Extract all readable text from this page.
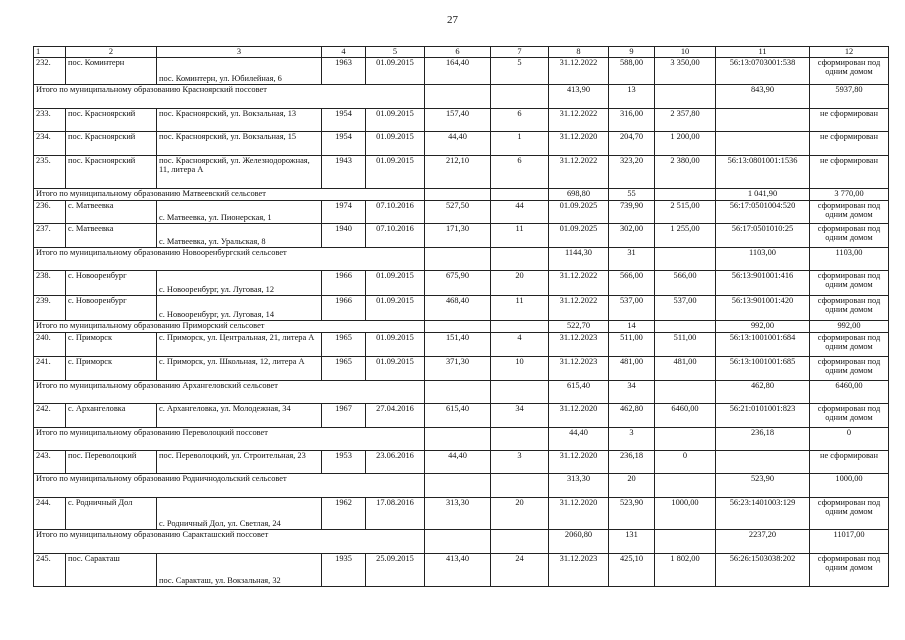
27
1	2	3	4	5	6	7	8	9	10	11	12	
232.	пос. Коминтерн	пос. Коминтерн, ул. Юбилейная, 6	1963	01.09.2015	164,40	5	31.12.2022	588,00	3 350,00	56:13:0703001:538	сформирован под одним домом	
Итого по муниципальному образованию Красноярский поссовет							413,90	13		843,90	5937,80		
233.	пос. Красноярский	пос. Красноярский, ул. Вокзальная, 13	1954	01.09.2015	157,40	6	31.12.2022	316,00	2 357,80		не сформирован	
234.	пос. Красноярский	пос. Красноярский, ул. Вокзальная, 15	1954	01.09.2015	44,40	1	31.12.2020	204,70	1 200,00		не сформирован	
235.	пос. Красноярский	пос. Красноярский, ул. Железнодорожная, 11, литера А	1943	01.09.2015	212,10	6	31.12.2022	323,20	2 380,00	56:13:0801001:1536	не сформирован	
Итого по муниципальному образованию Матвеевский сельсовет							698,80	55		1 041,90	3 770,00		
236.	с. Матвеевка	с. Матвеевка, ул. Пионерская, 1	1974	07.10.2016	527,50	44	01.09.2025	739,90	2 515,00	56:17:0501004:520	сформирован под одним домом	
237.	с. Матвеевка	с. Матвеевка, ул. Уральская, 8	1940	07.10.2016	171,30	11	01.09.2025	302,00	1 255,00	56:17:0501010:25	сформирован под одним домом	
Итого по муниципальному образованию Новооренбургский сельсовет							1144,30	31		1103,00	1103,00		
238.	с. Новооренбург	с. Новооренбург, ул. Луговая, 12	1966	01.09.2015	675,90	20	31.12.2022	566,00	566,00	56:13:901001:416	сформирован под одним домом	
239.	с. Новооренбург	с. Новооренбург, ул. Луговая, 14	1966	01.09.2015	468,40	11	31.12.2022	537,00	537,00	56:13:901001:420	сформирован под одним домом	
Итого по муниципальному образованию Приморский сельсовет							522,70	14		992,00	992,00		
240.	с. Приморск	с. Приморск, ул. Центральная, 21, литера А	1965	01.09.2015	151,40	4	31.12.2023	511,00	511,00	56:13:1001001:684	сформирован под одним домом	
241.	с. Приморск	с. Приморск, ул. Школьная, 12, литера А	1965	01.09.2015	371,30	10	31.12.2023	481,00	481,00	56:13:1001001:685	сформирован под одним домом	
Итого по муниципальному образованию Архангеловский сельсовет							615,40	34		462,80	6460,00		
242.	с. Архангеловка	с. Архангеловка, ул. Молодежная, 34	1967	27.04.2016	615,40	34	31.12.2020	462,80	6460,00	56:21:0101001:823	сформирован под одним домом	
Итого по муниципальному образованию Переволоцкий поссовет							44,40	3		236,18	0		
243.	пос. Переволоцкий	пос. Переволоцкий, ул. Строительная, 23	1953	23.06.2016	44,40	3	31.12.2020	236,18	0		не сформирован	
Итого по муниципальному образованию Родничнодольский сельсовет							313,30	20		523,90	1000,00		
244.	с. Родничный Дол	с. Родничный Дол, ул. Светлая, 24	1962	17.08.2016	313,30	20	31.12.2020	523,90	1000,00	56:23:1401003:129	сформирован под одним домом	
Итого по муниципальному образованию Саракташский поссовет							2060,80	131		2237,20	11017,00		
245.	пос. Саракташ	пос. Саракташ, ул. Вокзальная, 32	1935	25.09.2015	413,40	24	31.12.2023	425,10	1 802,00	56:26:1503038:202	сформирован под одним домом	
